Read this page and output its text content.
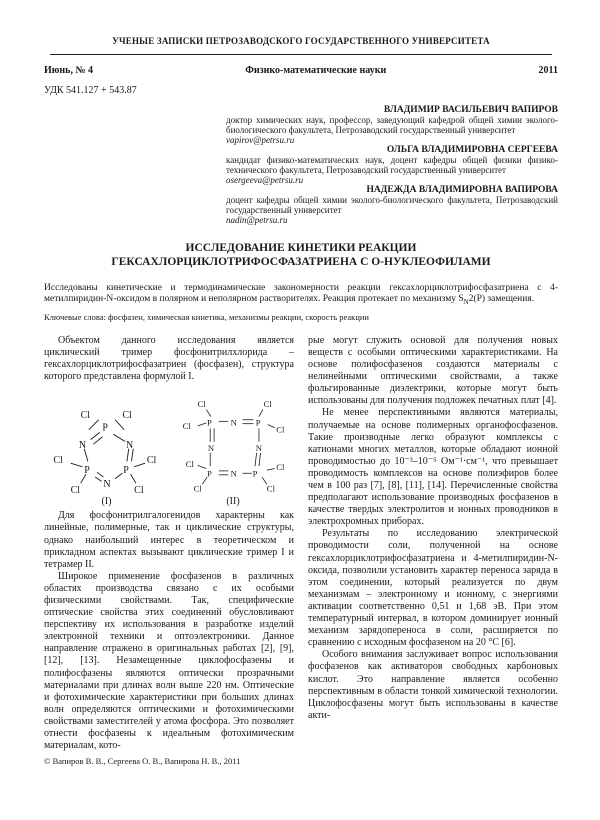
УЧЕНЫЕ ЗАПИСКИ ПЕТРОЗАВОДСКОГО ГОСУДАРСТВЕННОГО УНИВЕРСИТЕТА
Июнь, № 4	Физико-математические науки	2011
УДК 541.127 + 543.87
ВЛАДИМИР ВАСИЛЬЕВИЧ ВАПИРОВ
доктор химических наук, профессор, заведующий кафедрой общей химии эколого-биологического факультета, Петрозаводский государственный университет
vapirov@petrsu.ru
ОЛЬГА ВЛАДИМИРОВНА СЕРГЕЕВА
кандидат физико-математических наук, доцент кафедры общей физики физико-технического факультета, Петрозаводский государственный университет
osergeeva@petrsu.ru
НАДЕЖДА ВЛАДИМИРОВНА ВАПИРОВА
доцент кафедры общей химии эколого-биологического факультета, Петрозаводский государственный университет
nadin@petrsu.ru
ИССЛЕДОВАНИЕ КИНЕТИКИ РЕАКЦИИ
ГЕКСАХЛОРЦИКЛОТРИФОСФАЗАТРИЕНА С О-НУКЛЕОФИЛАМИ
Исследованы кинетические и термодинамические закономерности реакции гексахлорциклотрифосфазатриена с 4-метилпиридин-N-оксидом в полярном и неполярном растворителях. Реакция протекает по механизму $S_N2(P)$ замещения.
Ключевые слова: фосфазен, химическая кинетика, механизмы реакции, скорость реакции

Объектом данного исследования является циклический тример фосфонитрилхлорида – гексахлорциклотрифосфазатриен (фосфазен), структура которого представлена формулой I.

Cl	Cl
P
N	N
P	P
N
Cl
Cl
Cl
Cl
(I)
Cl
Cl P N P
Cl
Cl
N	N
P N P
Cl
Cl
Cl
Cl
(II)

Для фосфонитрилгалогенидов характерны как линейные, полимерные, так и циклические структуры, однако наибольший интерес в теоретическом и прикладном аспектах вызывают циклические тример I и тетрамер II.

Широкое применение фосфазенов в различных областях производства связано с их особыми физическими свойствами. Так, специфические оптические свойства этих соединений обусловливают перспективу их использования в разработке изделий электронной техники и оптоэлектроники. Данное направление отражено в оригинальных работах [2], [9], [12], [13]. Незамещенные циклофосфазены и полифосфазены являются оптически прозрачными материалами при длинах волн выше 220 нм. Оптические и фотохимические характеристики при больших длинах волн определяются оптическими и фотохимическими свойствами заместителей у атома фосфора. Это позволяет отнести фосфазены к идеальным фотохимическим материалам, кото-

© Вапиров В. В., Сергеева О. В., Вапирова Н. В., 2011

рые могут служить основой для получения новых веществ с особыми оптическими характеристиками. На основе полифосфазенов создаются материалы с нелинейными оптическими свойствами, а также фольгированные диэлектрики, которые могут быть использованы для получения подложек печатных плат [4].

Не менее перспективными являются материалы, получаемые на основе полимерных органофосфазенов. Такие производные легко образуют комплексы с катионами многих металлов, которые обладают ионной проводимостью до 10⁻³–10⁻⁵ Ом⁻¹·см⁻¹, что превышает проводимость комплексов на основе полиэфиров более чем в 100 раз [7], [8], [11], [14]. Перечисленные свойства предполагают использование производных фосфазенов в качестве твердых электролитов и ионных проводников в электрохромных приборах.

Результаты по исследованию электрической проводимости соли, полученной на основе гексахлорциклотрифосфазатриена и 4-метилпиридин-N-оксида, позволили установить характер переноса заряда в этом соединении, который реализуется по двум механизмам – электронному и ионному, с энергиями активации соответственно 0,51 и 1,68 эВ. При этом температурный интервал, в котором доминирует ионный механизм зарядопереноса в соли, расширяется по сравнению с исходным фосфазеном на 20 °С [6].

Особого внимания заслуживает вопрос использования фосфазенов как активаторов свободных карбоновых кислот. Это направление является особенно перспективным в области тонкой химической технологии. Циклофосфазены могут быть использованы в качестве акти-
